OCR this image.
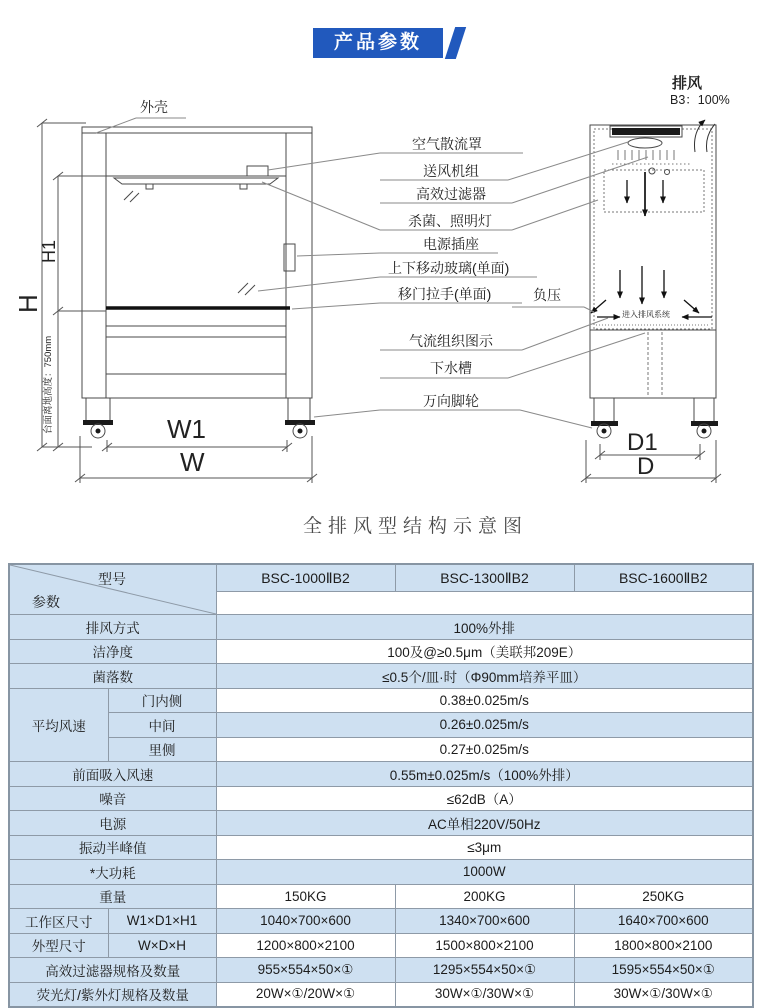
产品参数
外壳
排风
B3：100%
空气散流罩
送风机组
高效过滤器
杀菌、照明灯
电源插座
上下移动玻璃(单面)
移门拉手(单面)	负压
气流组织图示
下水槽
万向脚轮
进入排风系统
台面离地高度：750mm
H
H1
W1
W
D1
D
全排风型结构示意图
型号
参数		BSC-1000ⅡB2	BSC-1300ⅡB2	BSC-1600ⅡB2

排风方式		100%外排		
洁净度		100及@≥0.5μm（美联邦209E）		
菌落数		≤0.5个/皿·时（Φ90mm培养平皿）		
平均风速	门内侧	0.38±0.025m/s		
	中间	0.26±0.025m/s		
	里侧	0.27±0.025m/s		
前面吸入风速		0.55m±0.025m/s（100%外排）		
噪音		≤62dB（A）		
电源		AC单相220V/50Hz		
振动半峰值		≤3μm		
*大功耗		1000W		
重量		150KG	200KG	250KG
工作区尺寸	W1×D1×H1	1040×700×600	1340×700×600	1640×700×600
外型尺寸	W×D×H	1200×800×2100	1500×800×2100	1800×800×2100
高效过滤器规格及数量		955×554×50×①	1295×554×50×①	1595×554×50×①
荧光灯/紫外灯规格及数量		20W×①/20W×①	30W×①/30W×①	30W×①/30W×①
